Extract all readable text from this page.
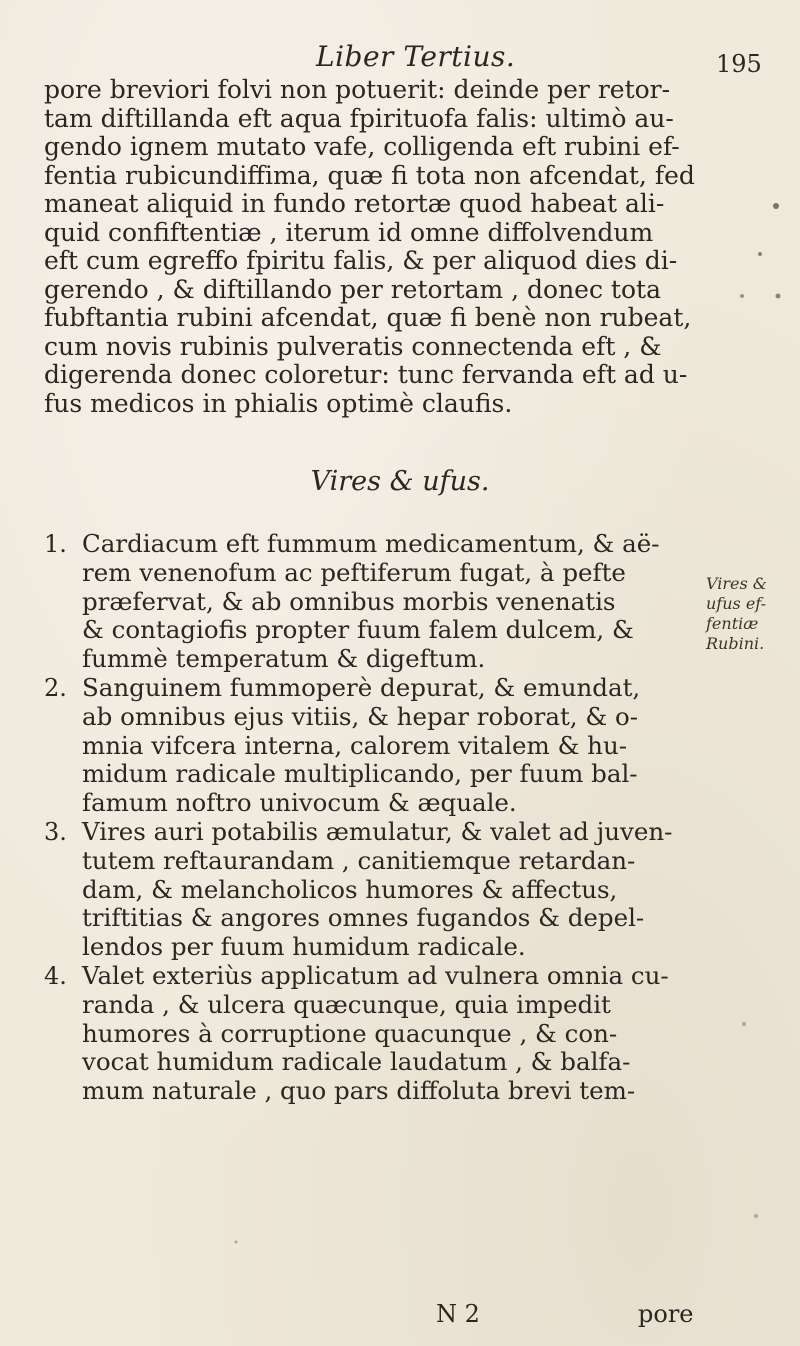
Liber Tertius.	195
pore breviori folvi non potuerit: deinde per retor-
tam diftillanda eft aqua fpirituofa falis: ultimò au-
gendo ignem mutato vafe, colligenda eft rubini ef-
fentia rubicundiffima, quæ fi tota non afcendat, fed
maneat aliquid in fundo retortæ quod habeat ali-
quid confiftentiæ , iterum id omne diffolvendum
eft cum egreffo fpiritu falis, & per aliquod dies di-
gerendo , & diftillando per retortam , donec tota
fubftantia rubini afcendat, quæ fi benè non rubeat,
cum novis rubinis pulveratis connectenda eft , &
digerenda donec coloretur: tunc fervanda eft ad u-
fus medicos in phialis optimè claufis.
Vires & ufus.
1. Cardiacum eft fummum medicamentum, & aë-
rem venenofum ac peftiferum fugat, à pefte
præfervat, & ab omnibus morbis venenatis
& contagiofis propter fuum falem dulcem, &
fummè temperatum & digeftum.
2. Sanguinem fummoperè depurat, & emundat,
ab omnibus ejus vitiis, & hepar roborat, & o-
mnia vifcera interna, calorem vitalem & hu-
midum radicale multiplicando, per fuum bal-
famum noftro univocum & æquale.
3. Vires auri potabilis æmulatur, & valet ad juven-
tutem reftaurandam , canitiemque retardan-
dam, & melancholicos humores & affectus,
triftitias & angores omnes fugandos & depel-
lendos per fuum humidum radicale.
4. Valet exteriùs applicatum ad vulnera omnia cu-
randa , & ulcera quæcunque, quia impedit
humores à corruptione quacunque , & con-
vocat humidum radicale laudatum , & balfa-
mum naturale , quo pars diffoluta brevi tem-
Vires &
ufus ef-
fentiæ
Rubini.
N 2	pore
